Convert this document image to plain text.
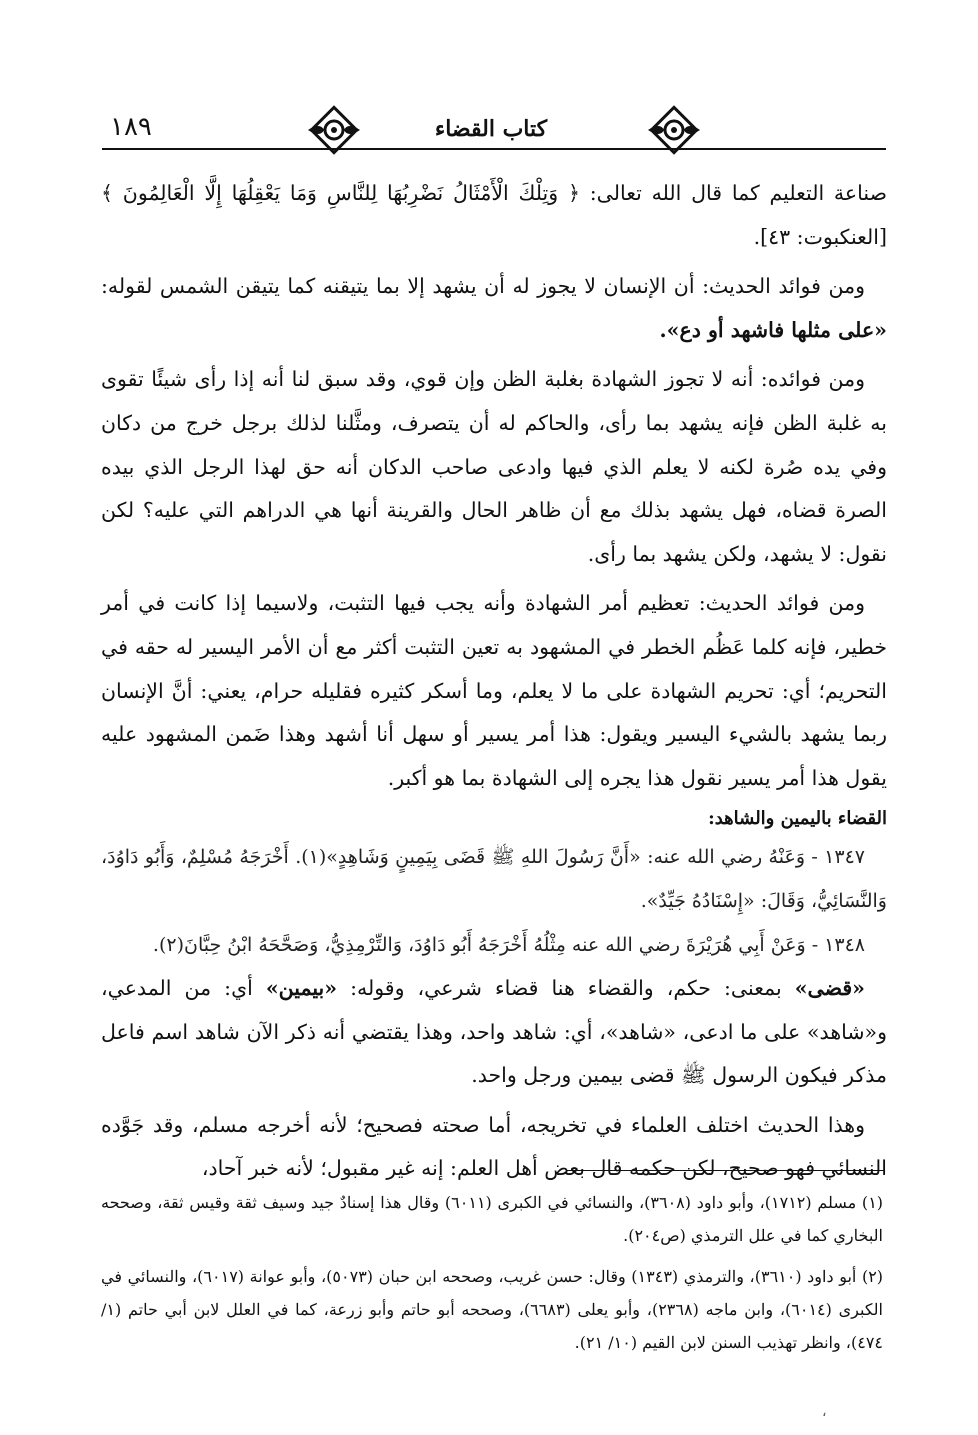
١٨٩	كتاب القضاء

صناعة التعليم كما قال الله تعالى: ﴿ وَتِلْكَ الْأَمْثَالُ نَضْرِبُهَا لِلنَّاسِ وَمَا يَعْقِلُهَا إِلَّا الْعَالِمُونَ ﴾ [العنكبوت: ٤٣].

ومن فوائد الحديث: أن الإنسان لا يجوز له أن يشهد إلا بما يتيقنه كما يتيقن الشمس لقوله: «على مثلها فاشهد أو دع».

ومن فوائده: أنه لا تجوز الشهادة بغلبة الظن وإن قوي، وقد سبق لنا أنه إذا رأى شيئًا تقوى به غلبة الظن فإنه يشهد بما رأى، والحاكم له أن يتصرف، ومثَّلنا لذلك برجل خرج من دكان وفي يده صُرة لكنه لا يعلم الذي فيها وادعى صاحب الدكان أنه حق لهذا الرجل الذي بيده الصرة قضاه، فهل يشهد بذلك مع أن ظاهر الحال والقرينة أنها هي الدراهم التي عليه؟ لكن نقول: لا يشهد، ولكن يشهد بما رأى.

ومن فوائد الحديث: تعظيم أمر الشهادة وأنه يجب فيها التثبت، ولاسيما إذا كانت في أمر خطير، فإنه كلما عَظُم الخطر في المشهود به تعين التثبت أكثر مع أن الأمر اليسير له حقه في التحريم؛ أي: تحريم الشهادة على ما لا يعلم، وما أسكر كثيره فقليله حرام، يعني: أنَّ الإنسان ربما يشهد بالشيء اليسير ويقول: هذا أمر يسير أو سهل أنا أشهد وهذا ضَمن المشهود عليه يقول هذا أمر يسير نقول هذا يجره إلى الشهادة بما هو أكبر.

القضاء باليمين والشاهد:

١٣٤٧ - وَعَنْهُ رضي الله عنه: «أَنَّ رَسُولَ اللهِ ﷺ قَضَى بِيَمِينٍ وَشَاهِدٍ»(١). أَخْرَجَهُ مُسْلِمٌ، وَأَبُو دَاوُدَ، وَالنَّسَائِيُّ، وَقَالَ: «إِسْنَادُهُ جَيِّدٌ».

١٣٤٨ - وَعَنْ أَبِي هُرَيْرَةَ رضي الله عنه مِثْلُهُ أَخْرَجَهُ أَبُو دَاوُدَ، وَالتِّرْمِذِيُّ، وَصَحَّحَهُ ابْنُ حِبَّانَ(٢).

«قضى» بمعنى: حكم، والقضاء هنا قضاء شرعي، وقوله: «بيمين» أي: من المدعي، و«شاهد» على ما ادعى، «شاهد»، أي: شاهد واحد، وهذا يقتضي أنه ذكر الآن شاهد اسم فاعل مذكر فيكون الرسول ﷺ قضى بيمين ورجل واحد.

وهذا الحديث اختلف العلماء في تخريجه، أما صحته فصحيح؛ لأنه أخرجه مسلم، وقد جَوَّده النسائي فهو صحيح، لكن حكمه قال بعض أهل العلم: إنه غير مقبول؛ لأنه خبر آحاد،

(١) مسلم (١٧١٢)، وأبو داود (٣٦٠٨)، والنسائي في الكبرى (٦٠١١) وقال هذا إسنادٌ جيد وسيف ثقة وقيس ثقة، وصححه البخاري كما في علل الترمذي (ص٢٠٤).

(٢) أبو داود (٣٦١٠)، والترمذي (١٣٤٣) وقال: حسن غريب، وصححه ابن حبان (٥٠٧٣)، وأبو عوانة (٦٠١٧)، والنسائي في الكبرى (٦٠١٤)، وابن ماجه (٢٣٦٨)، وأبو يعلى (٦٦٨٣)، وصححه أبو حاتم وأبو زرعة، كما في العلل لابن أبي حاتم (١/ ٤٧٤)، وانظر تهذيب السنن لابن القيم (١٠/ ٢١).

،
